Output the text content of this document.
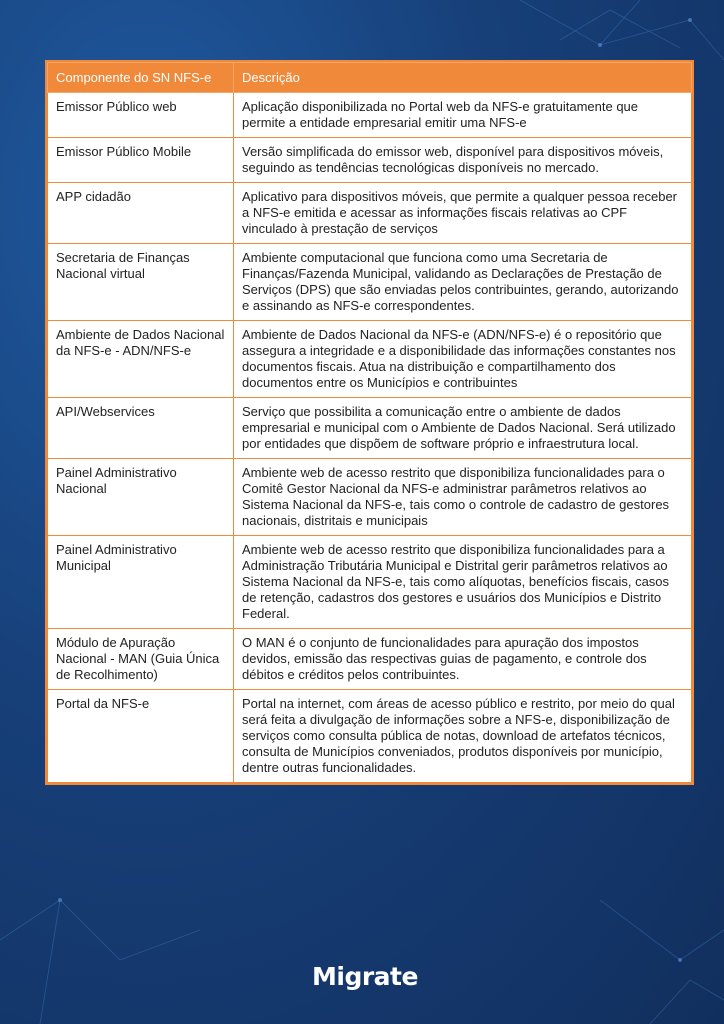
Componente do SN NFS-e	Descrição
Emissor Público web	Aplicação disponibilizada no Portal web da NFS-e gratuitamente que permite a entidade empresarial emitir uma NFS-e
Emissor Público Mobile	Versão simplificada do emissor web, disponível para dispositivos móveis, seguindo as tendências tecnológicas disponíveis no mercado.
APP cidadão	Aplicativo para dispositivos móveis, que permite a qualquer pessoa receber a NFS-e emitida e acessar as informações fiscais relativas ao CPF vinculado à prestação de serviços
Secretaria de Finanças Nacional virtual	Ambiente computacional que funciona como uma Secretaria de Finanças/Fazenda Municipal, validando as Declarações de Prestação de Serviços (DPS) que são enviadas pelos contribuintes, gerando, autorizando e assinando as NFS-e correspondentes.
Ambiente de Dados Nacional da NFS-e - ADN/NFS-e	Ambiente de Dados Nacional da NFS-e (ADN/NFS-e) é o repositório que assegura a integridade e a disponibilidade das informações constantes nos documentos fiscais. Atua na distribuição e compartilhamento dos documentos entre os Municípios e contribuintes
API/Webservices	Serviço que possibilita a comunicação entre o ambiente de dados empresarial e municipal com o Ambiente de Dados Nacional. Será utilizado por entidades que dispõem de software próprio e infraestrutura local.
Painel Administrativo Nacional	Ambiente web de acesso restrito que disponibiliza funcionalidades para o Comitê Gestor Nacional da NFS-e administrar parâmetros relativos ao Sistema Nacional da NFS-e, tais como o controle de cadastro de gestores nacionais, distritais e municipais
Painel Administrativo Municipal	Ambiente web de acesso restrito que disponibiliza funcionalidades para a Administração Tributária Municipal e Distrital gerir parâmetros relativos ao Sistema Nacional da NFS-e, tais como alíquotas, benefícios fiscais, casos de retenção, cadastros dos gestores e usuários dos Municípios e Distrito Federal.
Módulo de Apuração Nacional - MAN (Guia Única de Recolhimento)	O MAN é o conjunto de funcionalidades para apuração dos impostos devidos, emissão das respectivas guias de pagamento, e controle dos débitos e créditos pelos contribuintes.
Portal da NFS-e	Portal na internet, com áreas de acesso público e restrito, por meio do qual será feita a divulgação de informações sobre a NFS-e, disponibilização de serviços como consulta pública de notas, download de artefatos técnicos, consulta de Municípios conveniados, produtos disponíveis por município, dentre outras funcionalidades.
Migrate
